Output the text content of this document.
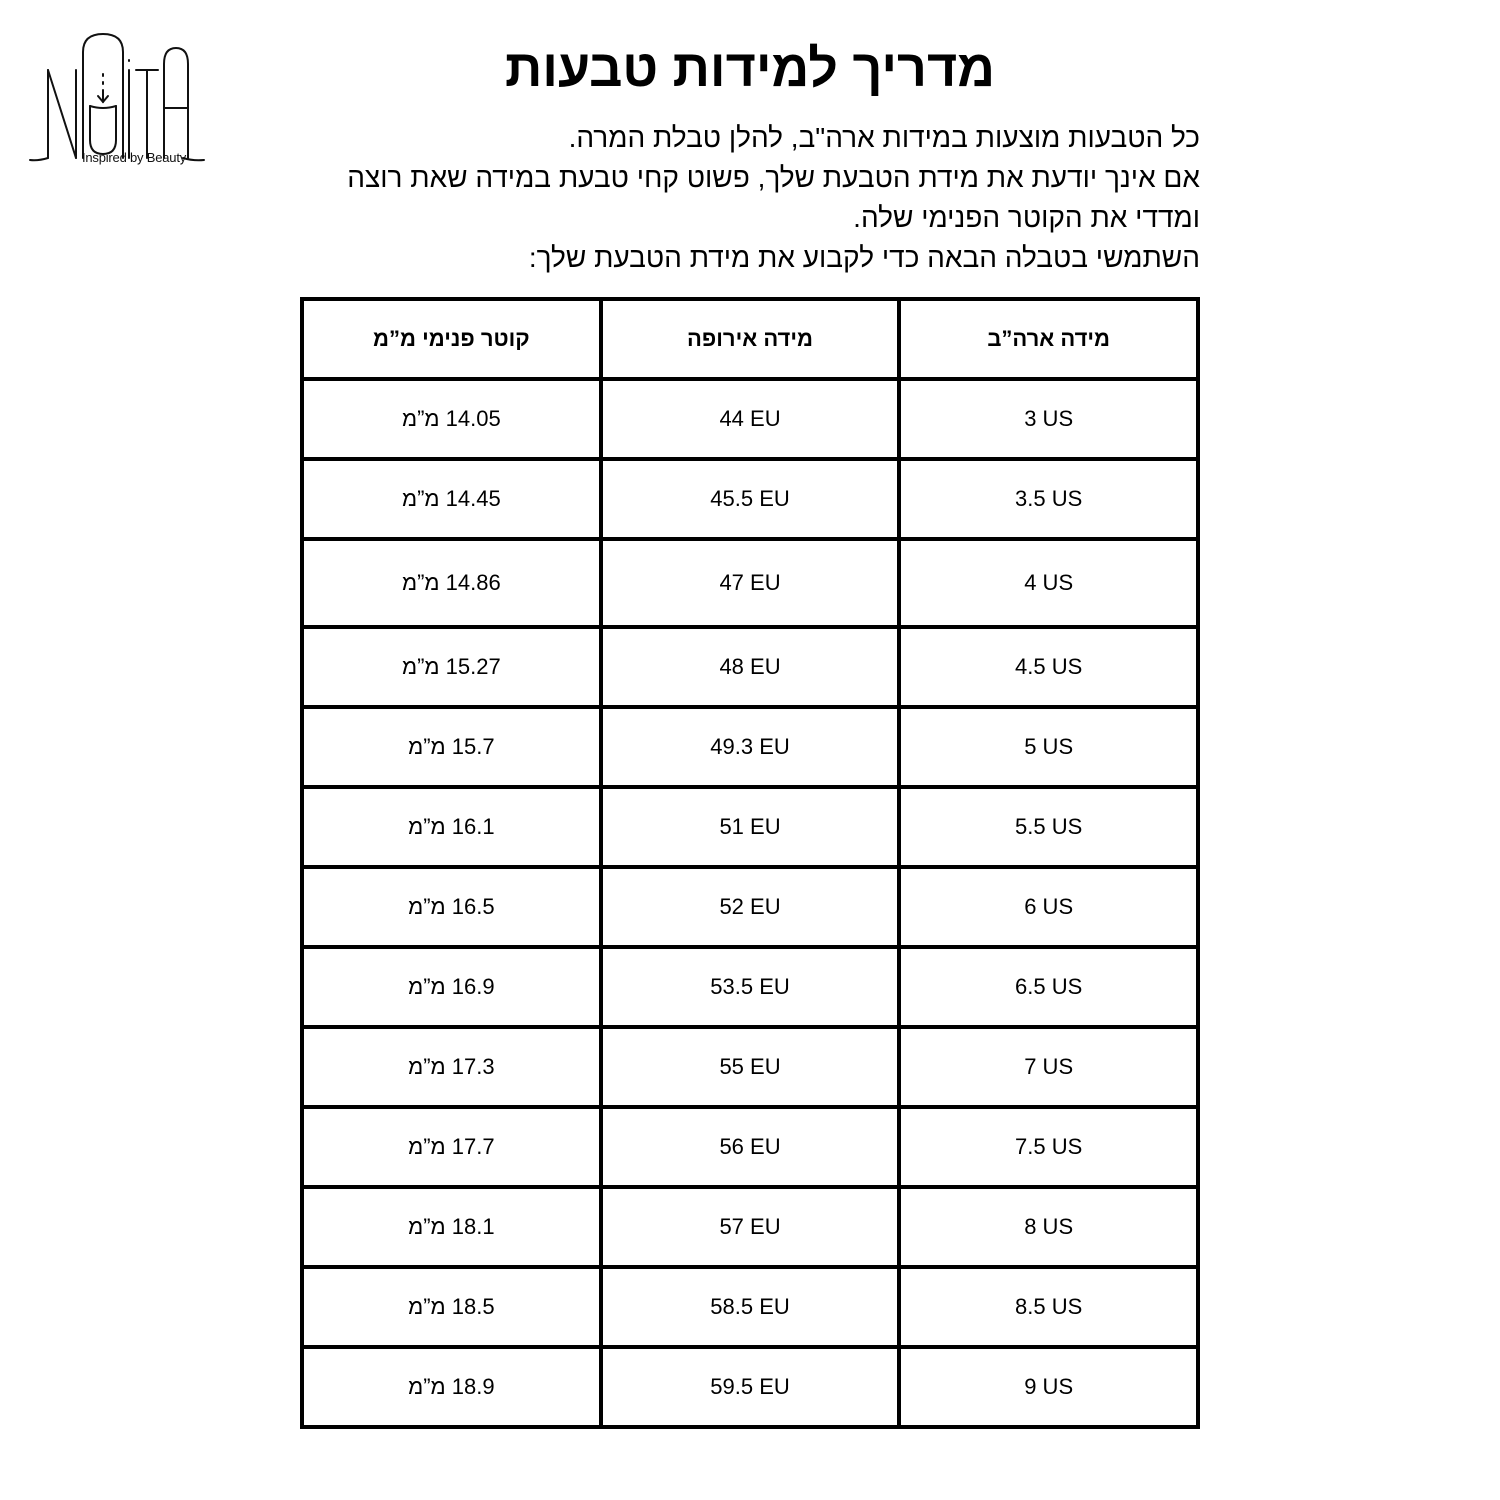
Inspired by Beauty
מדריך למידות טבעות

כל הטבעות מוצעות במידות ארה"ב, להלן טבלת המרה.

אם אינך יודעת את מידת הטבעת שלך, פשוט קחי טבעת במידה שאת רוצה ומדדי את הקוטר הפנימי שלה.

השתמשי בטבלה הבאה כדי לקבוע את מידת הטבעת שלך:

מידה ארה”ב	מידה אירופה	קוטר פנימי מ”מ
3 US	44 EU	14.05 מ”מ
3.5 US	45.5 EU	14.45 מ”מ
4 US	47 EU	14.86 מ”מ
4.5 US	48 EU	15.27 מ”מ
5 US	49.3 EU	15.7 מ”מ
5.5 US	51 EU	16.1 מ”מ
6 US	52 EU	16.5 מ”מ
6.5 US	53.5 EU	16.9 מ”מ
7 US	55 EU	17.3 מ”מ
7.5 US	56 EU	17.7 מ”מ
8 US	57 EU	18.1 מ”מ
8.5 US	58.5 EU	18.5 מ”מ
9 US	59.5 EU	18.9 מ”מ
